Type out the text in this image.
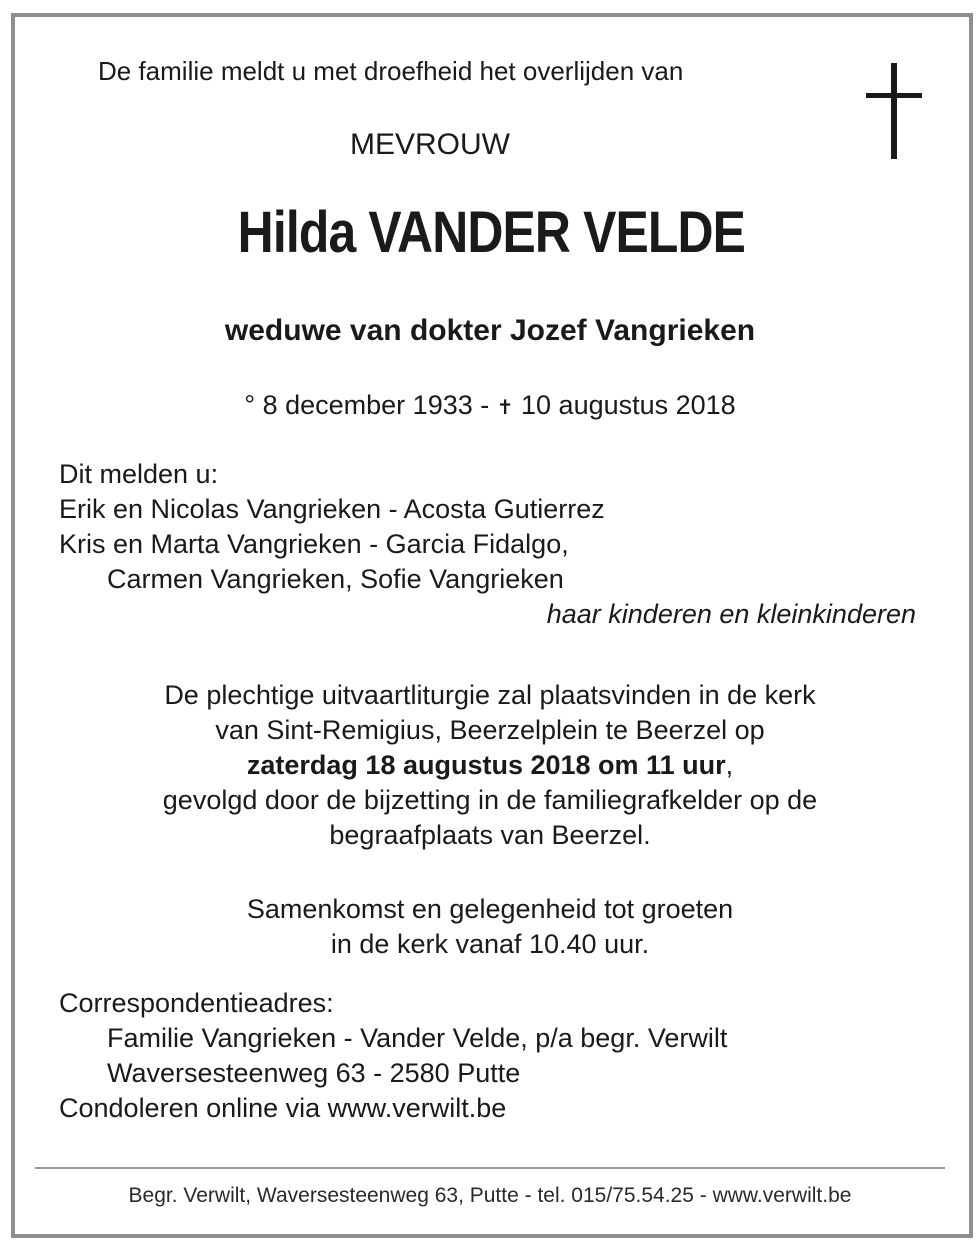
De familie meldt u met droefheid het overlijden van
MEVROUW
Hilda VANDER VELDE
weduwe van dokter Jozef Vangrieken
° 8 december 1933 - ✝ 10 augustus 2018
Dit melden u:
Erik en Nicolas Vangrieken - Acosta Gutierrez
Kris en Marta Vangrieken - Garcia Fidalgo,
Carmen Vangrieken, Sofie Vangrieken
haar kinderen en kleinkinderen
De plechtige uitvaartliturgie zal plaatsvinden in de kerk
van Sint-Remigius, Beerzelplein te Beerzel op
zaterdag 18 augustus 2018 om 11 uur,
gevolgd door de bijzetting in de familiegrafkelder op de
begraafplaats van Beerzel.
Samenkomst en gelegenheid tot groeten
in de kerk vanaf 10.40 uur.
Correspondentieadres:
Familie Vangrieken - Vander Velde, p/a begr. Verwilt
Waversesteenweg 63 - 2580 Putte
Condoleren online via www.verwilt.be
Begr. Verwilt, Waversesteenweg 63, Putte - tel. 015/75.54.25 - www.verwilt.be
